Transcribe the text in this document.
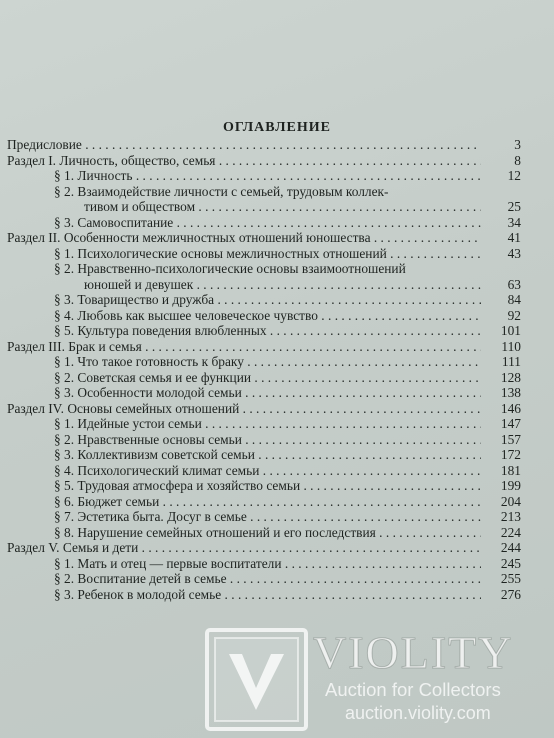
ОГЛАВЛЕНИЕ
Предисловие . . .	3
Раздел I. Личность, общество, семья . . .	8
§ 1. Личность . . .	12
§ 2. Взаимодействие личности с семьей, трудовым коллек-
тивом и обществом . . .	25
§ 3. Самовоспитание . . .	34
Раздел II. Особенности межличностных отношений юношества . . .	41
§ 1. Психологические основы межличностных отношений . . .	43
§ 2. Нравственно-психологические основы взаимоотношений
юношей и девушек . . .	63
§ 3. Товарищество и дружба . . .	84
§ 4. Любовь как высшее человеческое чувство . . .	92
§ 5. Культура поведения влюбленных . . .	101
Раздел III. Брак и семья . . .	110
§ 1. Что такое готовность к браку . . .	111
§ 2. Советская семья и ее функции . . .	128
§ 3. Особенности молодой семьи . . .	138
Раздел IV. Основы семейных отношений . . .	146
§ 1. Идейные устои семьи . . .	147
§ 2. Нравственные основы семьи . . .	157
§ 3. Коллективизм советской семьи . . .	172
§ 4. Психологический климат семьи . . .	181
§ 5. Трудовая атмосфера и хозяйство семьи . . .	199
§ 6. Бюджет семьи . . .	204
§ 7. Эстетика быта. Досуг в семье . . .	213
§ 8. Нарушение семейных отношений и его последствия . . .	224
Раздел V. Семья и дети . . .	244
§ 1. Мать и отец — первые воспитатели . . .	245
§ 2. Воспитание детей в семье . . .	255
§ 3. Ребенок в молодой семье . . .	276
VIOLITY
Auction for Collectors
auction.violity.com
